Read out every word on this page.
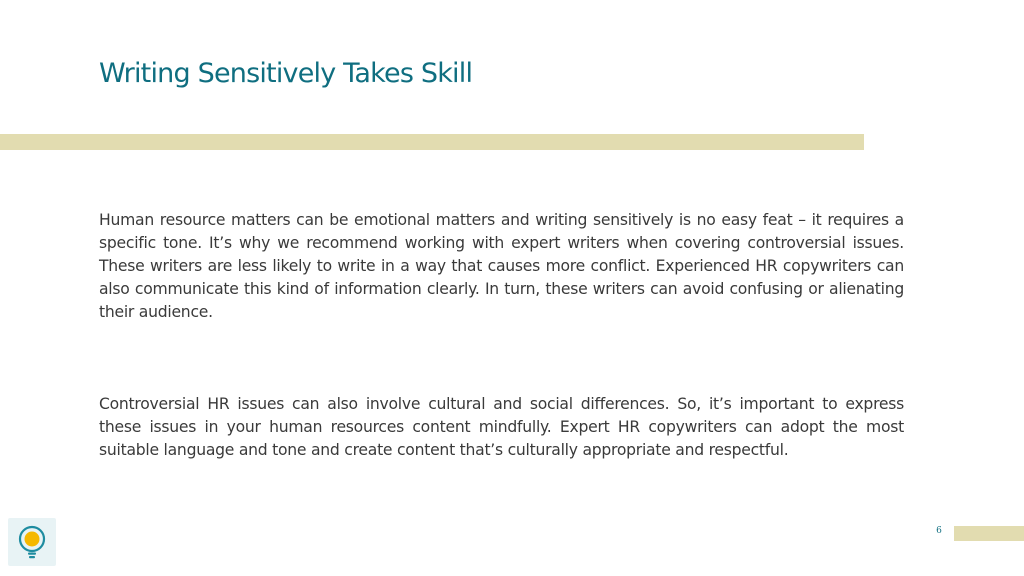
Writing Sensitively Takes Skill

Human resource matters can be emotional matters and writing sensitively is no easy feat – it requires a specific tone. It’s why we recommend working with expert writers when covering controversial issues. These writers are less likely to write in a way that causes more conflict. Experienced HR copywriters can also communicate this kind of information clearly. In turn, these writers can avoid confusing or alienating their audience.

Controversial HR issues can also involve cultural and social differences. So, it’s important to express these issues in your human resources content mindfully. Expert HR copywriters can adopt the most suitable language and tone and create content that’s culturally appropriate and respectful.

6
